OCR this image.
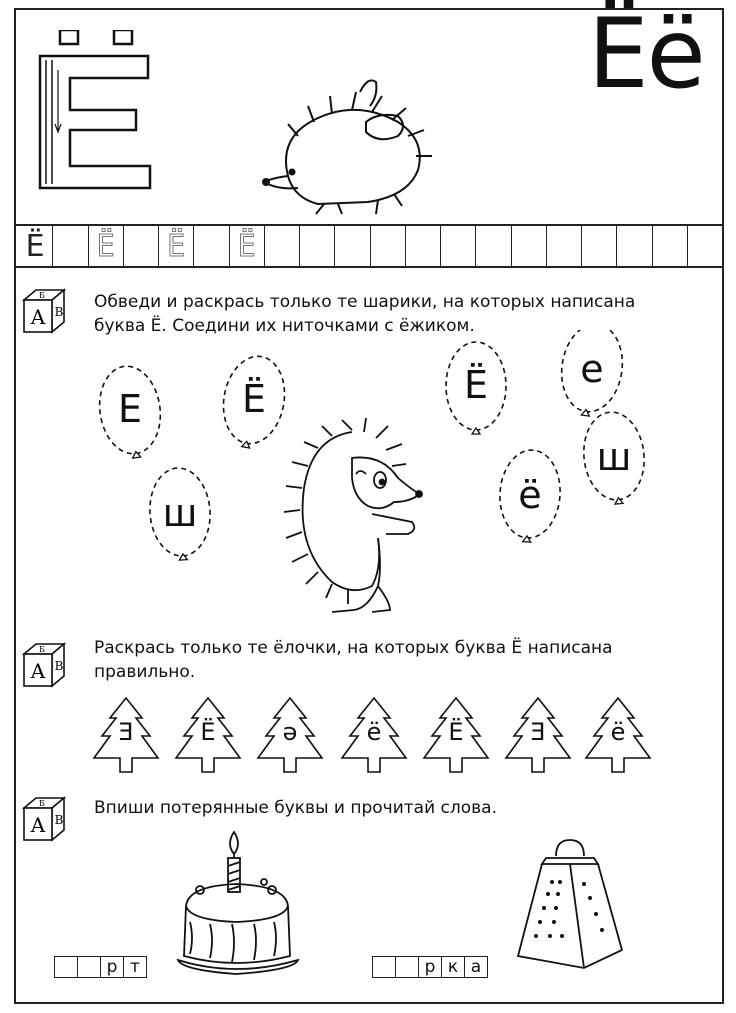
Ёё
Ё Ё	Ё	Ё
Б
А В Обведи и раскрась только те шарики, на которых написана
буква Ё. Соедини их ниточками с ёжиком.
Е	Ё
ш
Ё	е
ш
ё
Б
А В
Раскрась только те ёлочки, на которых буква Ё написана
правильно.
Ǝ	Ë	ə	ё	Ë	Ǝ	ё
Б
А В
Впиши потерянные буквы и прочитай слова.
р т	р к а
